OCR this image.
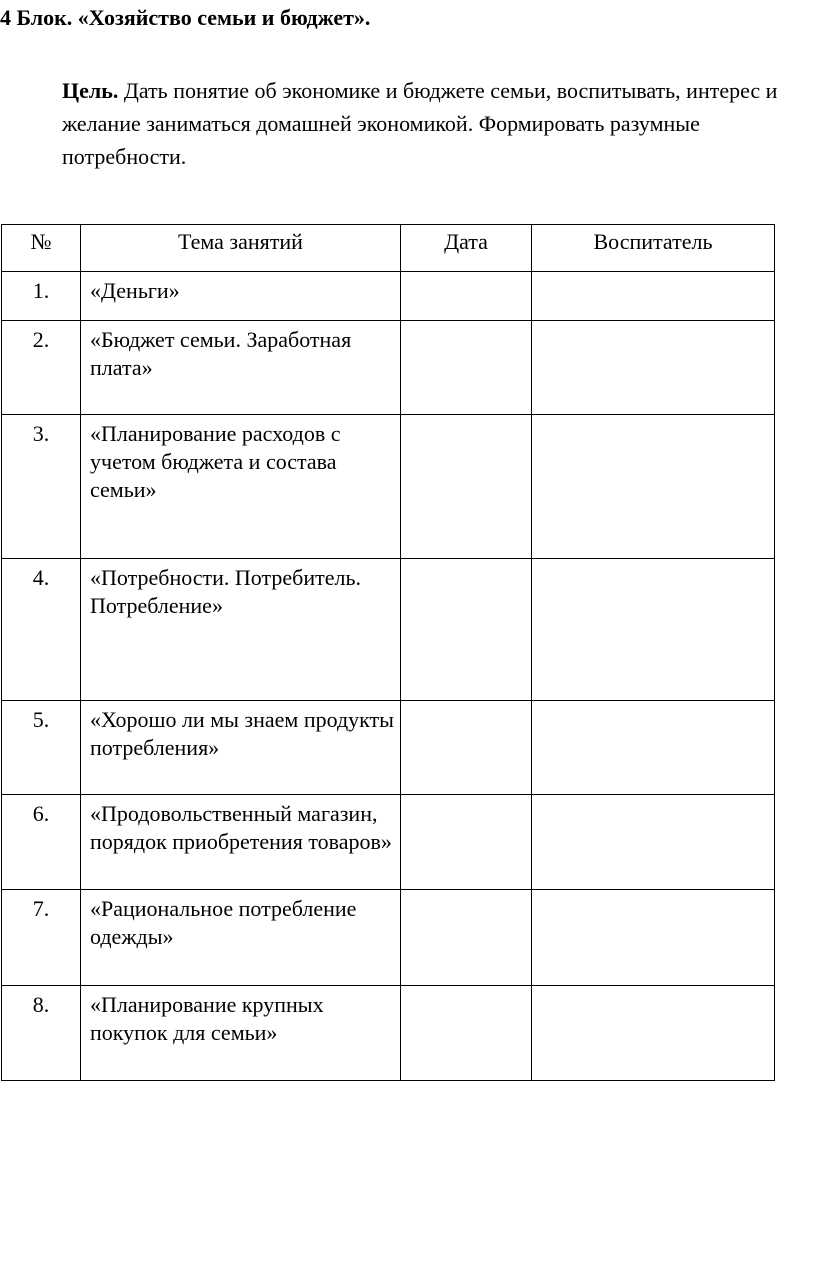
4 Блок. «Хозяйство семьи и бюджет».

Цель. Дать понятие об экономике и бюджете семьи, воспитывать, интерес и желание заниматься домашней экономикой. Формировать разумные потребности.

№	Тема занятий	Дата	Воспитатель
1.	«Деньги»		
2.	«Бюджет семьи. Заработная плата»		
3.	«Планирование расходов с учетом бюджета и состава семьи»		
4.	«Потребности. Потребитель. Потребление»		
5.	«Хорошо ли мы знаем продукты потребления»		
6.	«Продовольственный магазин, порядок приобретения товаров»		
7.	«Рациональное потребление одежды»		
8.	«Планирование крупных покупок для семьи»		
